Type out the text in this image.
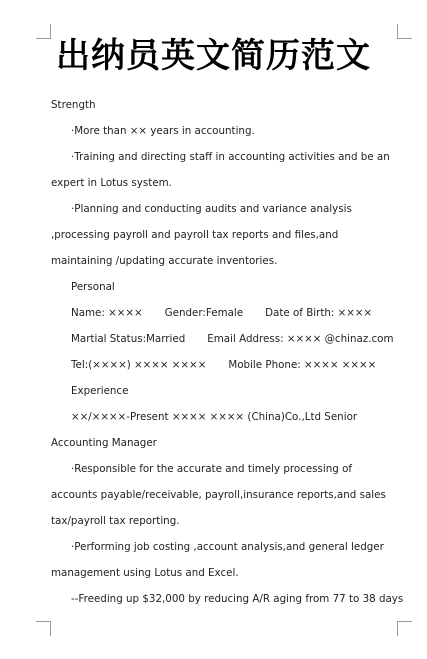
出纳员英文简历范文

Strength

·More than ×× years in accounting.

·Training and directing staff in accounting activities and be an expert in Lotus system.

·Planning and conducting audits and variance analysis ,processing payroll and payroll tax reports and files,and maintaining /updating accurate inventories.

Personal

Name: ×××× Gender:Female Date of Birth: ××××

Martial Status:Married Email Address: ×××× @chinaz.com

Tel:(××××) ×××× ×××× Mobile Phone: ×××× ××××

Experience

××/××××-Present ×××× ×××× (China)Co.,Ltd Senior Accounting Manager

·Responsible for the accurate and timely processing of accounts payable/receivable, payroll,insurance reports,and sales tax/payroll tax reporting.

·Performing job costing ,account analysis,and general ledger management using Lotus and Excel.

--Freeding up $32,000 by reducing A/R aging from 77 to 38 days
